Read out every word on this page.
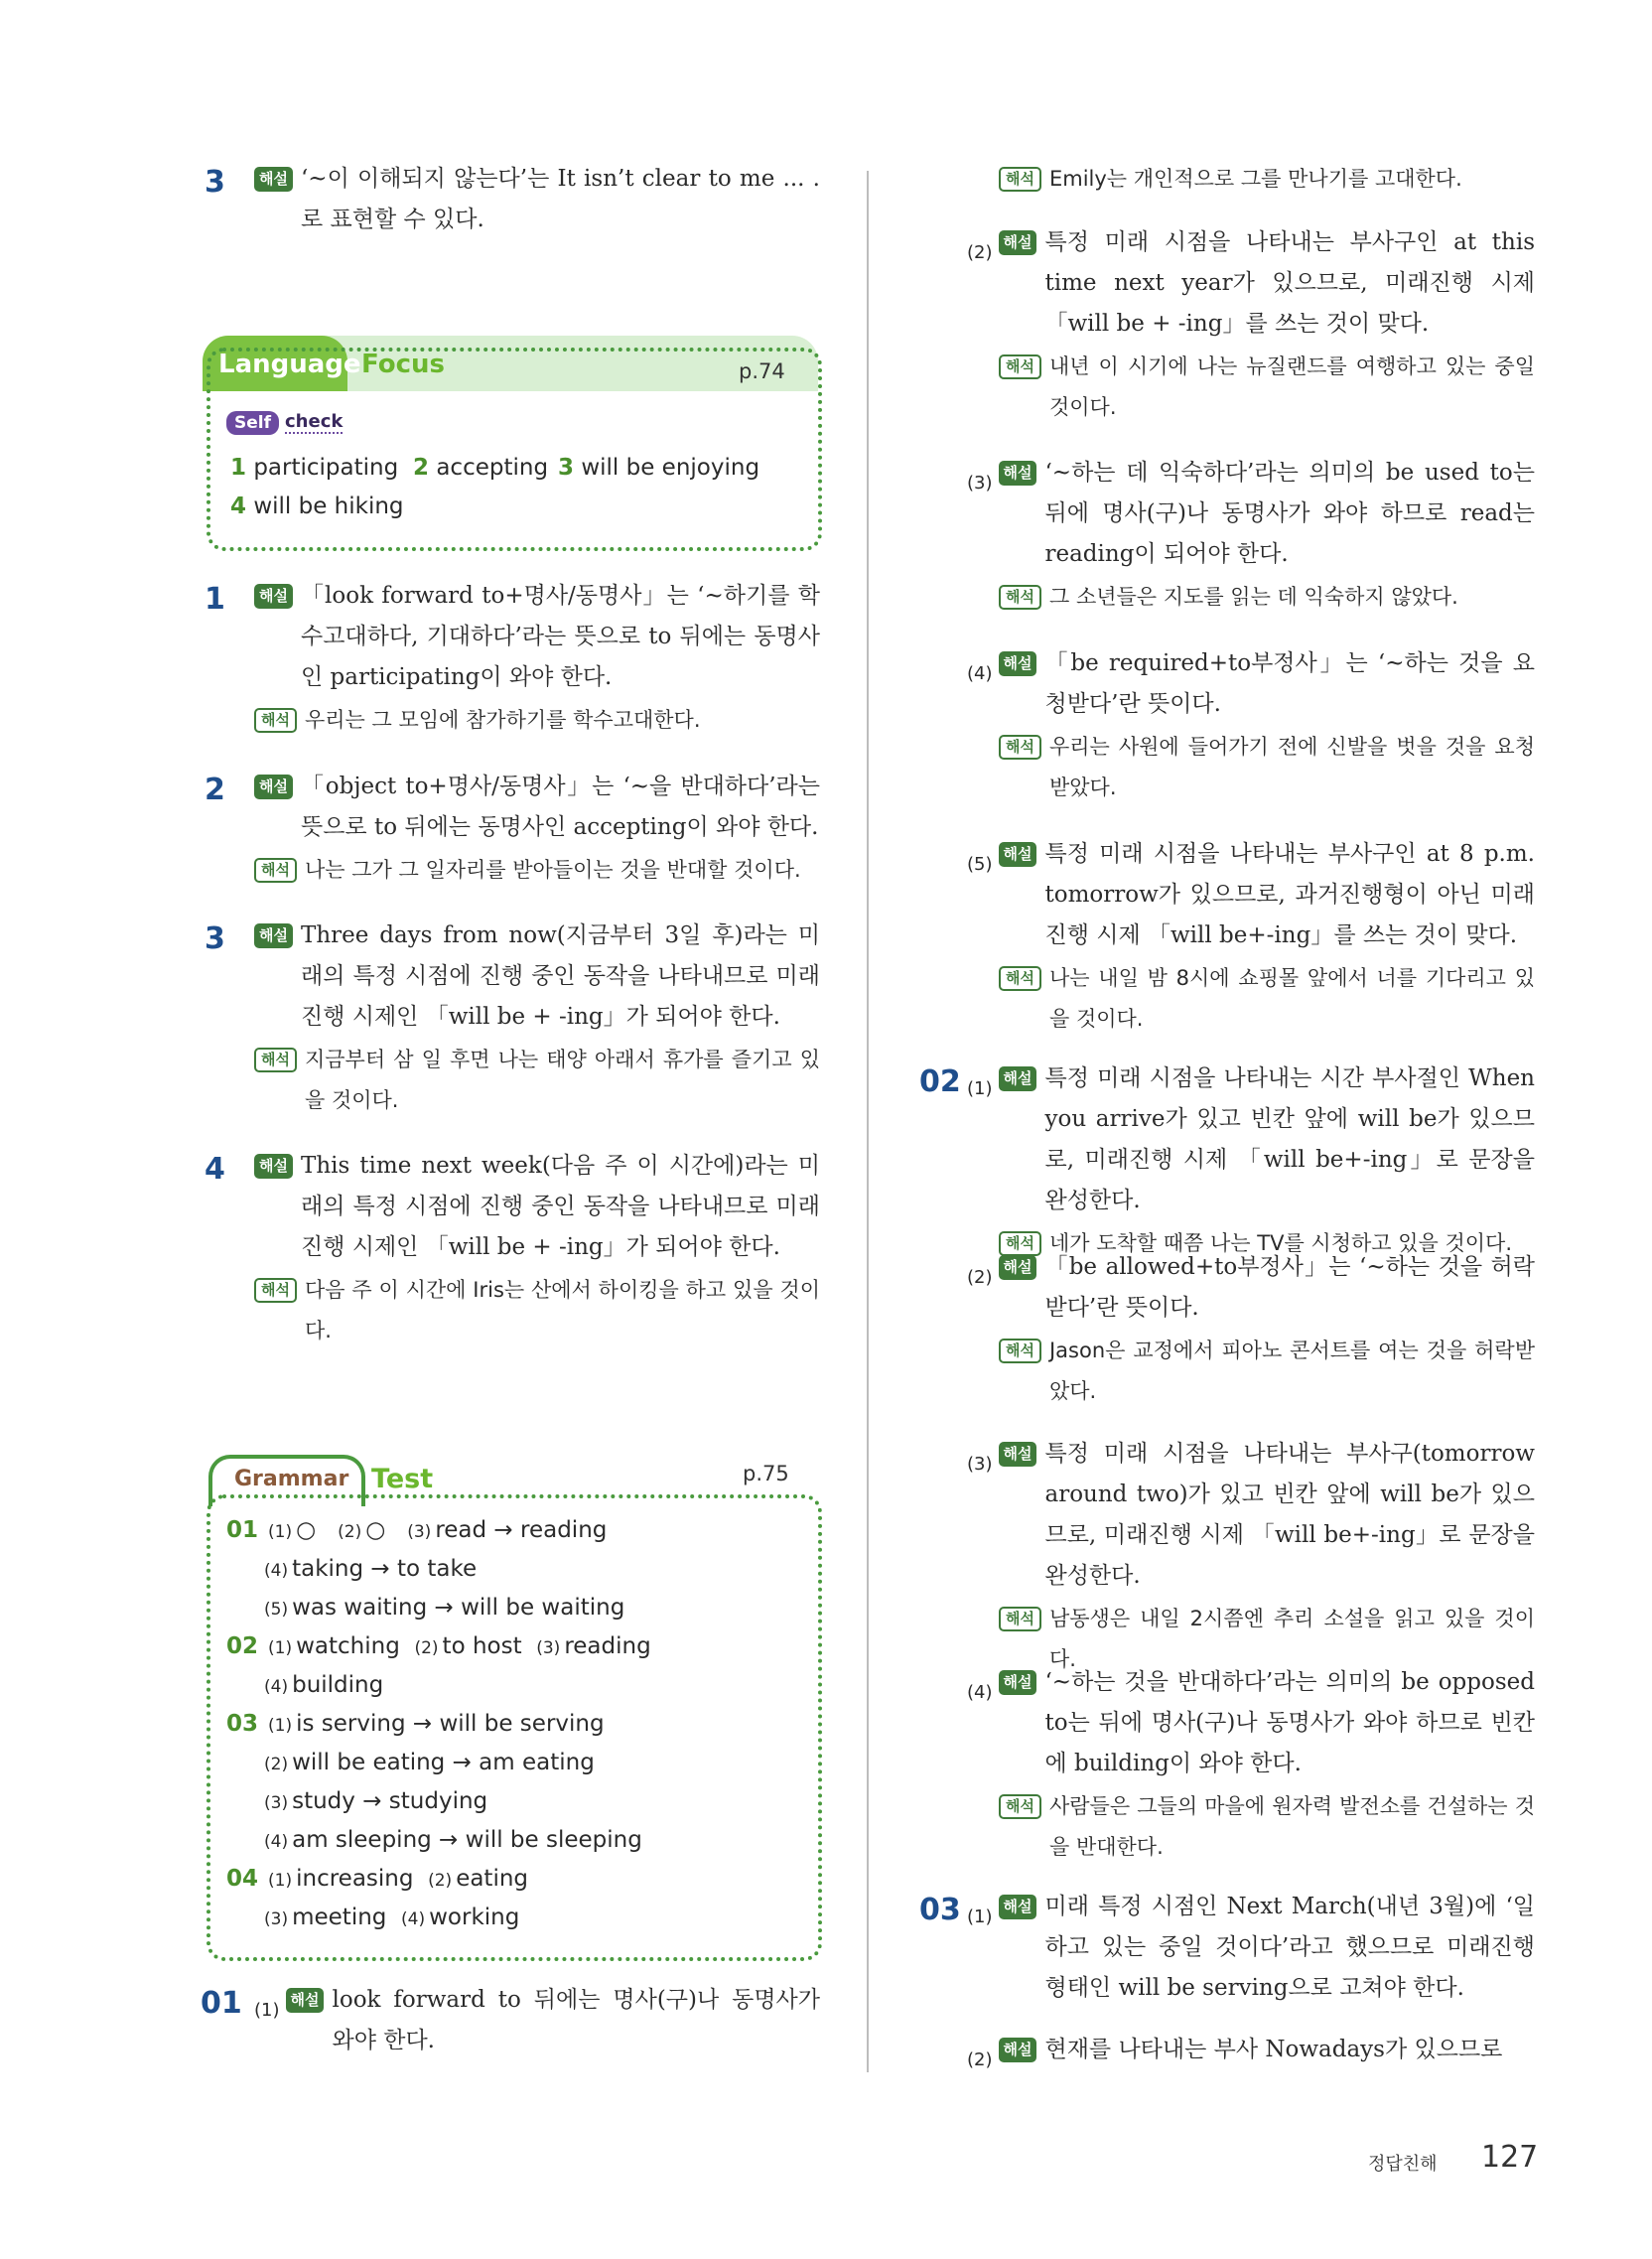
3	해설 ‘~이 이해되지 않는다’는 It isn’t clear to me ... .로 표현할 수 있다.
Language Focus	p.74
Self check
1 participating 2 accepting 3 will be enjoying
4 will be hiking
1	해설 「look forward to+명사/동명사」는 ‘~하기를 학수고대하다, 기대하다’라는 뜻으로 to 뒤에는 동명사인 participating이 와야 한다.
해석 우리는 그 모임에 참가하기를 학수고대한다.
2	해설 「object to+명사/동명사」는 ‘~을 반대하다’라는 뜻으로 to 뒤에는 동명사인 accepting이 와야 한다.
해석 나는 그가 그 일자리를 받아들이는 것을 반대할 것이다.
3	해설 Three days from now(지금부터 3일 후)라는 미래의 특정 시점에 진행 중인 동작을 나타내므로 미래진행 시제인 「will be + -ing」가 되어야 한다.
해석 지금부터 삼 일 후면 나는 태양 아래서 휴가를 즐기고 있을 것이다.
4	해설 This time next week(다음 주 이 시간에)라는 미래의 특정 시점에 진행 중인 동작을 나타내므로 미래진행 시제인 「will be + -ing」가 되어야 한다.
해석 다음 주 이 시간에 Iris는 산에서 하이킹을 하고 있을 것이다.
Grammar Test	p.75
01 (1) ○ (2) ○ (3) read → reading
(4) taking → to take
(5) was waiting → will be waiting
02 (1) watching (2) to host (3) reading
(4) building
03 (1) is serving → will be serving
(2) will be eating → am eating
(3) study → studying
(4) am sleeping → will be sleeping
04 (1) increasing (2) eating
(3) meeting (4) working
01 (1) 해설 look forward to 뒤에는 명사(구)나 동명사가 와야 한다.
해석 Emily는 개인적으로 그를 만나기를 고대한다.
(2) 해설 특정 미래 시점을 나타내는 부사구인 at this time next year가 있으므로, 미래진행 시제 「will be + -ing」를 쓰는 것이 맞다.
해석 내년 이 시기에 나는 뉴질랜드를 여행하고 있는 중일 것이다.
(3) 해설 ‘~하는 데 익숙하다’라는 의미의 be used to는 뒤에 명사(구)나 동명사가 와야 하므로 read는 reading이 되어야 한다.
해석 그 소년들은 지도를 읽는 데 익숙하지 않았다.
(4) 해설 「be required+to부정사」는 ‘~하는 것을 요청받다’란 뜻이다.
해석 우리는 사원에 들어가기 전에 신발을 벗을 것을 요청받았다.
(5) 해설 특정 미래 시점을 나타내는 부사구인 at 8 p.m. tomorrow가 있으므로, 과거진행형이 아닌 미래진행 시제 「will be+-ing」를 쓰는 것이 맞다.
해석 나는 내일 밤 8시에 쇼핑몰 앞에서 너를 기다리고 있을 것이다.
02 (1) 해설 특정 미래 시점을 나타내는 시간 부사절인 When you arrive가 있고 빈칸 앞에 will be가 있으므로, 미래진행 시제 「will be+-ing」로 문장을 완성한다.
해석 네가 도착할 때쯤 나는 TV를 시청하고 있을 것이다.
(2) 해설 「be allowed+to부정사」는 ‘~하는 것을 허락받다’란 뜻이다.
해석 Jason은 교정에서 피아노 콘서트를 여는 것을 허락받았다.
(3) 해설 특정 미래 시점을 나타내는 부사구(tomorrow around two)가 있고 빈칸 앞에 will be가 있으므로, 미래진행 시제 「will be+-ing」로 문장을 완성한다.
해석 남동생은 내일 2시쯤엔 추리 소설을 읽고 있을 것이다.
(4) 해설 ‘~하는 것을 반대하다’라는 의미의 be opposed to는 뒤에 명사(구)나 동명사가 와야 하므로 빈칸에 building이 와야 한다.
해석 사람들은 그들의 마을에 원자력 발전소를 건설하는 것을 반대한다.
03 (1) 해설 미래 특정 시점인 Next March(내년 3월)에 ‘일하고 있는 중일 것이다’라고 했으므로 미래진행 형태인 will be serving으로 고쳐야 한다.
(2) 해설 현재를 나타내는 부사 Nowadays가 있으므로
정답친해 127
